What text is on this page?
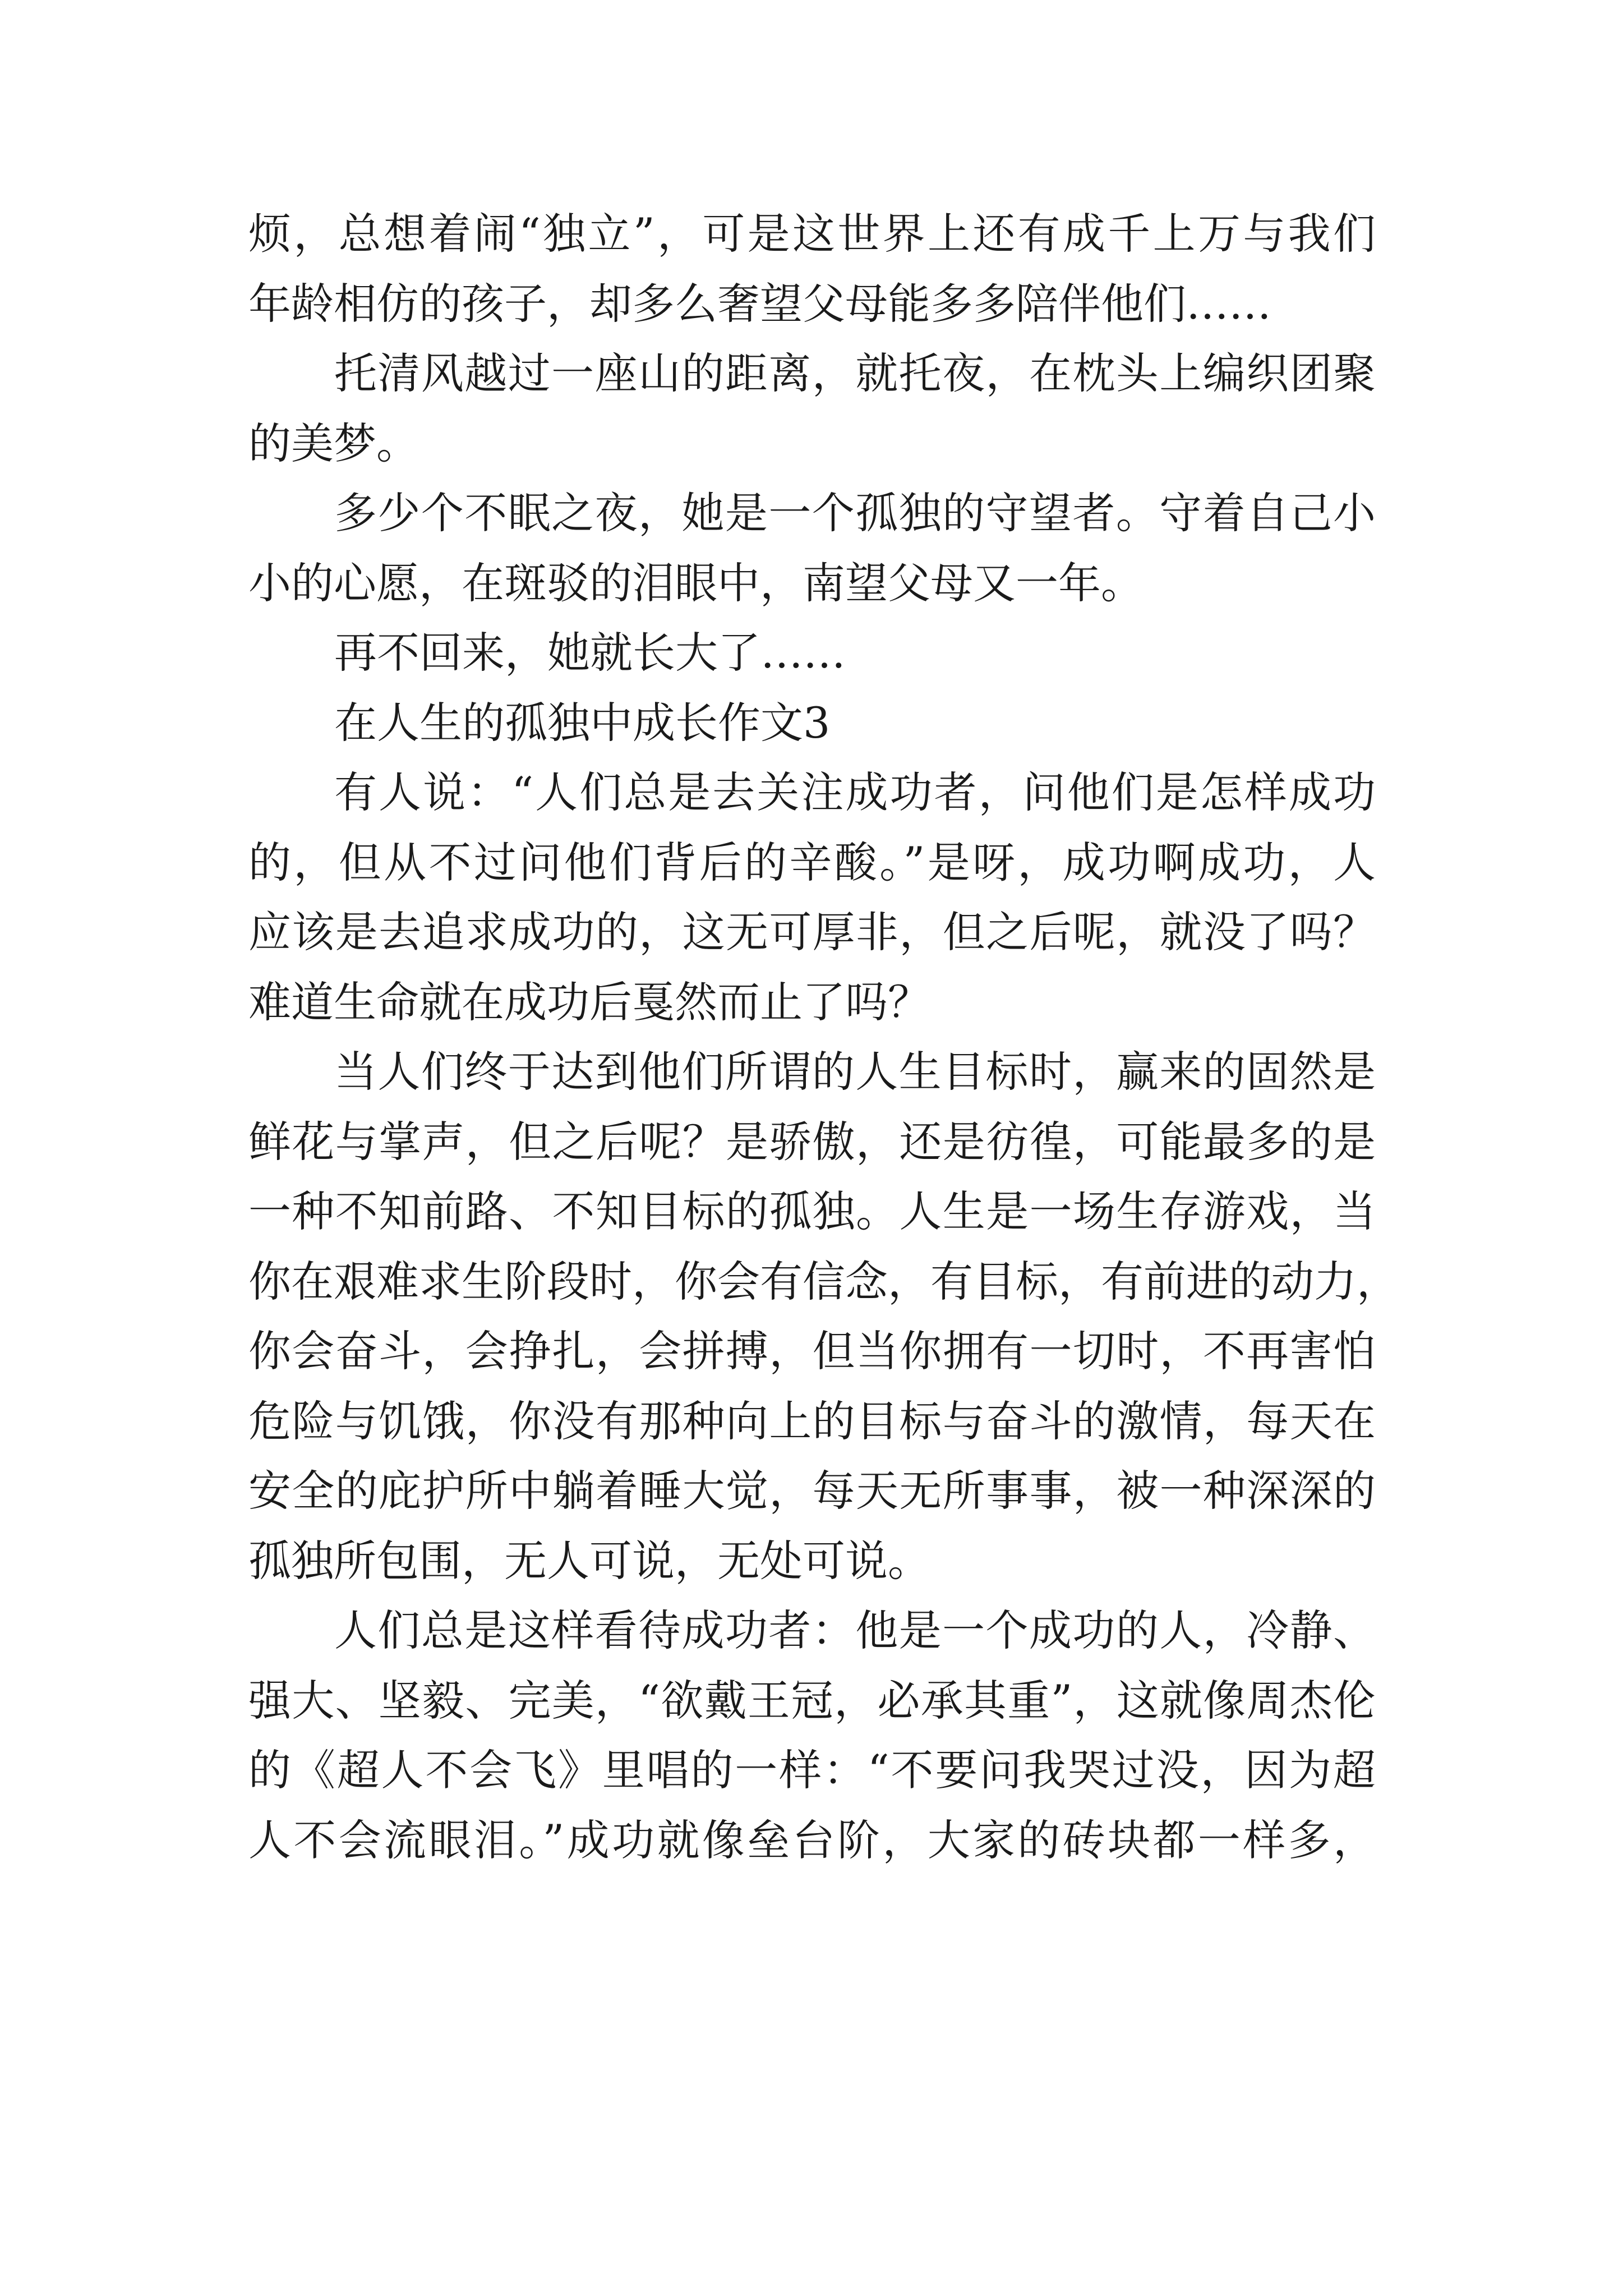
烦，总想着闹“独立”，可是这世界上还有成千上万与我们
年龄相仿的孩子，却多么奢望父母能多多陪伴他们……
托清风越过一座山的距离，就托夜，在枕头上编织团聚
的美梦。
多少个不眠之夜，她是一个孤独的守望者。守着自己小
小的心愿，在斑驳的泪眼中，南望父母又一年。
再不回来，她就长大了……
在人生的孤独中成长作文3
有人说：“人们总是去关注成功者，问他们是怎样成功
的，但从不过问他们背后的辛酸。”是呀，成功啊成功，人
应该是去追求成功的，这无可厚非，但之后呢，就没了吗？
难道生命就在成功后戛然而止了吗？
当人们终于达到他们所谓的人生目标时，赢来的固然是
鲜花与掌声，但之后呢？是骄傲，还是彷徨，可能最多的是
一种不知前路、不知目标的孤独。人生是一场生存游戏，当
你在艰难求生阶段时，你会有信念，有目标，有前进的动力，
你会奋斗，会挣扎，会拼搏，但当你拥有一切时，不再害怕
危险与饥饿，你没有那种向上的目标与奋斗的激情，每天在
安全的庇护所中躺着睡大觉，每天无所事事，被一种深深的
孤独所包围，无人可说，无处可说。
人们总是这样看待成功者：他是一个成功的人，冷静、
强大、坚毅、完美，“欲戴王冠，必承其重”，这就像周杰伦
的《超人不会飞》里唱的一样：“不要问我哭过没，因为超
人不会流眼泪。”成功就像垒台阶，大家的砖块都一样多，
